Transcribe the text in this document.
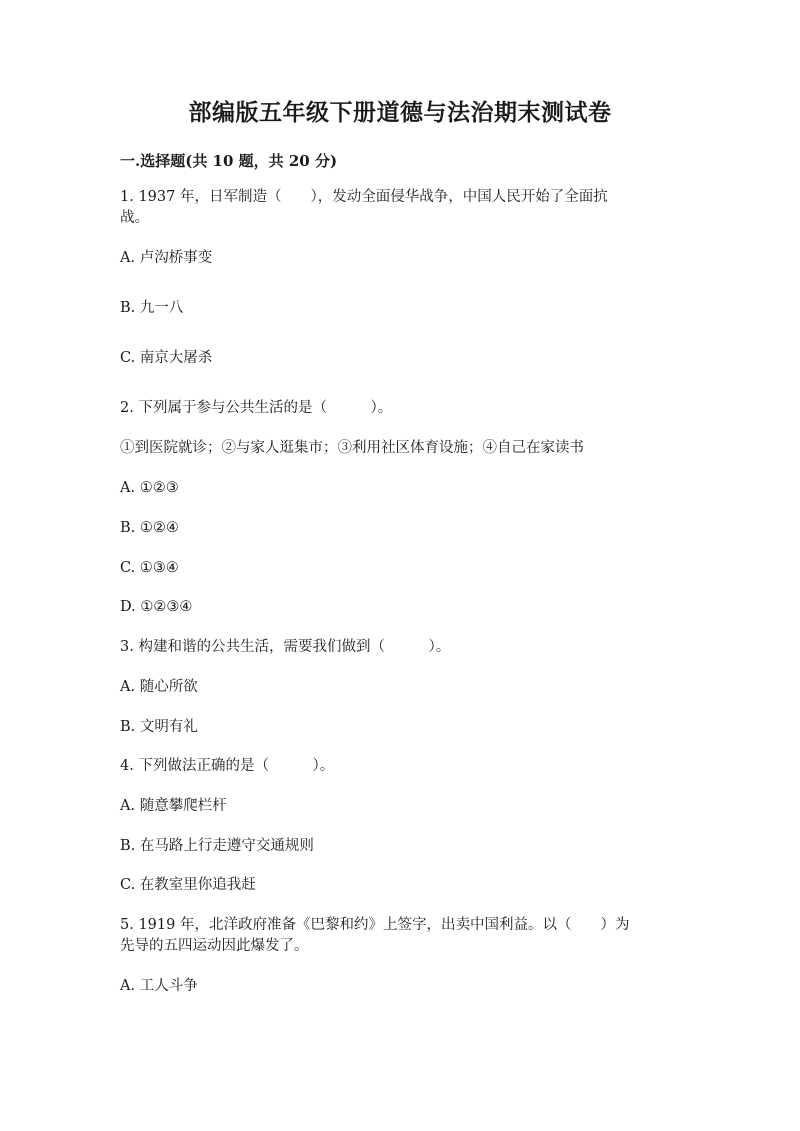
部编版五年级下册道德与法治期末测试卷
一.选择题(共 10 题，共 20 分)
1. 1937 年，日军制造（　　），发动全面侵华战争，中国人民开始了全面抗
战。
A. 卢沟桥事变
B. 九一八
C. 南京大屠杀
2. 下列属于参与公共生活的是（　　　）。
①到医院就诊；②与家人逛集市；③利用社区体育设施；④自己在家读书
A. ①②③
B. ①②④
C. ①③④
D. ①②③④
3. 构建和谐的公共生活，需要我们做到（　　　）。
A. 随心所欲
B. 文明有礼
4. 下列做法正确的是（　　　）。
A. 随意攀爬栏杆
B. 在马路上行走遵守交通规则
C. 在教室里你追我赶
5. 1919 年，北洋政府准备《巴黎和约》上签字，出卖中国利益。以（　　）为
先导的五四运动因此爆发了。
A. 工人斗争
